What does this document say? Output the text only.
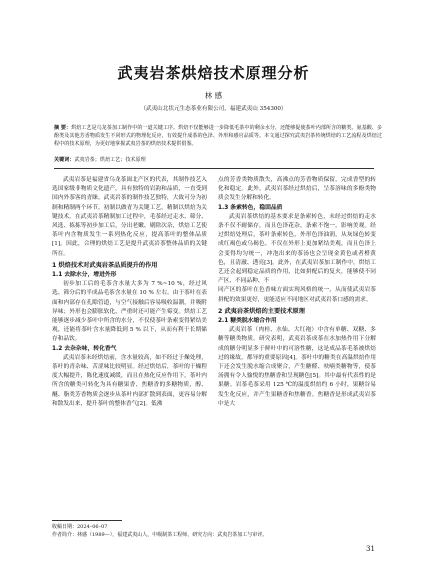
武夷岩茶烘焙技术原理分析
林 感
（武夷山北状元生态茶业有限公司，福建武夷山 354300）
摘 要：烘焙工艺是乌龙茶加工制作中的一道关键工序。烘焙不仅能够进一步降低毛茶中的剩余水分，还能够促使茶叶内部所含的糖类、氨基酸、多酚类及其他芳香物质发生不同形式的物理化反应，有效提升成茶的色泽、外形和感官品质等。本文通过探究武夷岩茶传统烘焙的工艺流程及烘焙过程中的技术原理，为更好地掌握武夷岩茶的烘焙技术提供借鉴。
关键词：武夷岩茶；烘焙工艺；技术原理

武夷岩茶是福建省乌龙茶闽北产区的代表，其制作技艺入选国家级非物质文化遗产，具有独特的岩韵和品质，一直受到国内外茶客的青睐。武夷岩茶的制作技艺独特，大致可分为初制和精制两个环节，初制以做青为关键工艺，精制以烘焙为关键技术。在武夷岩茶精制加工过程中，毛茶经过走水、筛分、风选、拣拣等初步加工后，分出老嫩、剔除次杂，烘焙工艺使茶叶内含物质发生一系列热化反应，提高茶叶的整体品质[1]。因此，合理的烘焙工艺是提升武夷岩茶整体品质的关键所在。

1 烘焙技术对武夷岩茶品质提升的作用
1.1 去除水分，增进外形

初步加工后的毛茶含水量大多为 7 %~10 %，经过风选、筛分后的半成品毛茶含水量在 10 % 左右。由于茶叶在表面和内部存在孔隙管道，与空气接触后容易吸收温潮，并吸附异味；外形也会膨胀软化，严重时还可能产生霉变。烘焙工艺能够逐步减少茶叶中所含的水分，不仅使茶叶条索变得紧结美观，还能将茶叶含水量降低到 5 % 以下，从而有利于长期储存和品饮。

1.2 去杂杂味，转化香气

武夷岩茶未经烘焙前，含水量较高，如不经过于燥处理，茶叶的青杂味、苦涩味比较明显。经过烘焙后，茶叶的干燥程度大幅提升，陈化速度减缓，而且在热化反应作用下，茶叶内所含的糖类可转化为具有糖果香、焦糖香的多糖物质，醇、醚、脂类芳香物质会逐步从茶叶内部扩散到表面，更容易分解和散发出来，提升茶叶的整体香气[2]。低沸

点的芳香类物质散失，高沸点的芳香物质保留，完成香型的转化和稳定。此外，武夷岩茶经过烘焙后，呈茶溶味的多酚类物质会发生分解和转化。

1.3 条索转色，稳固品质

武夷岩茶烘焙的基本要求是条索转色，未经过烘焙的走水条不仅不耐储存，而且色泽花杂，条索不饱一，影响美观。经过烘焙处理后，茶叶条索转色，外形色泽油润，从灰绿色转变成红褐色或乌褐色。不仅在外形上更加紧结美观，而且色泽上会变得均匀统一，冲泡出来的茶汤也会呈现金黄色或者橙黄色，且清澈、透亮[3]。此外，在武夷岩茶加工制作中，烘焙工艺还会起到稳定品质的作用，比如拼配后的复火，能够使不同产区、不同品种、不

同产区的茶叶在色香味方面实现风格的统一，从而使武夷岩茶拼配的效果更好，更能适应不同地区对武夷岩茶口感的需求。

2 武夷岩茶烘焙的主要技术原理
2.1 糖类脱水缩合作用

武夷岩茶（肉桂、水仙、大红袍）中含有单糖、双糖、多糖等糖类物质。研究表明，武夷岩茶成茶在水加热作用下分解成的糖分明显多于鲜叶中的可溶性糖，这是成品茶毛茶被烘焙过的缘故，都导的重要原因[4]。茶叶中的糖类在高温烘焙作用下还会发生脱水缩合成聚合，产生糖醛、呋喃类糖物等，使茶汤拥有令人愉悦的焦糖香和呈现糖色[5]。其中最有代表性的是果糖。岩茶毛茶采用 125 ℃的温度烘焙约 6 小时，果糖谷易发生化反应，并产生果糖香和焦糖香。焦糖香是形成武夷岩茶中是大

收稿日期：2024–06–07
作者简介：林感（1989—），福建武夷山人，中级制茶工程师，研究方向：武夷岩茶加工与审评。
31
